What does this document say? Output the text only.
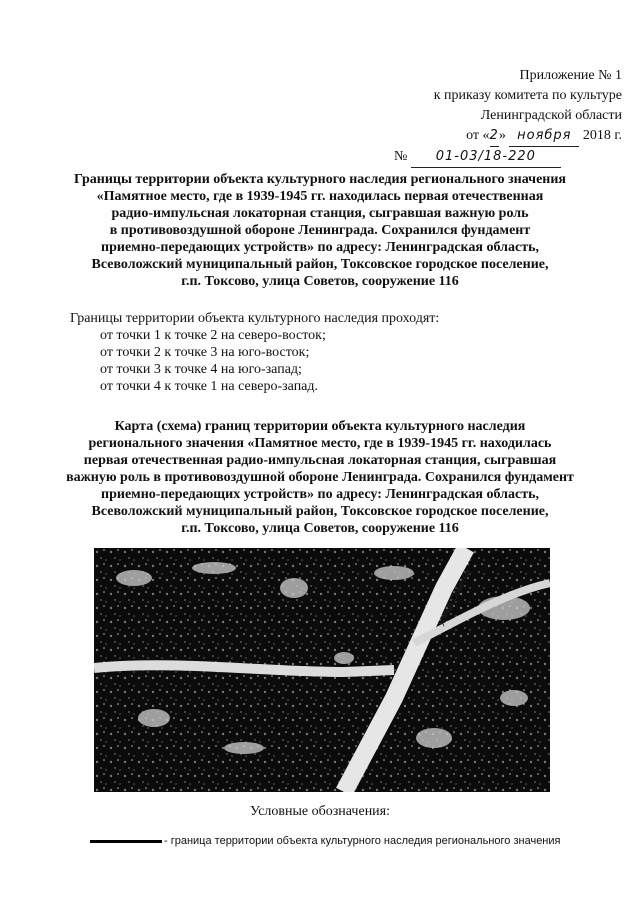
Приложение № 1
к приказу комитета по культуре
Ленинградской области
от «2» ноября 2018 г.
№ 01-03/18-220
Границы территории объекта культурного наследия регионального значения
«Памятное место, где в 1939-1945 гг. находилась первая отечественная
радио-импульсная локаторная станция, сыгравшая важную роль
в противовоздушной обороне Ленинграда. Сохранился фундамент
приемно-передающих устройств» по адресу: Ленинградская область,
Всеволожский муниципальный район, Токсовское городское поселение,
г.п. Токсово, улица Советов, сооружение 116
Границы территории объекта культурного наследия проходят:
от точки 1 к точке 2 на северо-восток;
от точки 2 к точке 3 на юго-восток;
от точки 3 к точке 4 на юго-запад;
от точки 4 к точке 1 на северо-запад.
Карта (схема) границ территории объекта культурного наследия
регионального значения «Памятное место, где в 1939-1945 гг. находилась
первая отечественная радио-импульсная локаторная станция, сыгравшая
важную роль в противовоздушной обороне Ленинграда. Сохранился фундамент
приемно-передающих устройств» по адресу: Ленинградская область,
Всеволожский муниципальный район, Токсовское городское поселение,
г.п. Токсово, улица Советов, сооружение 116
улица Советов
Условные обозначения:
- граница территории объекта культурного наследия регионального значения
